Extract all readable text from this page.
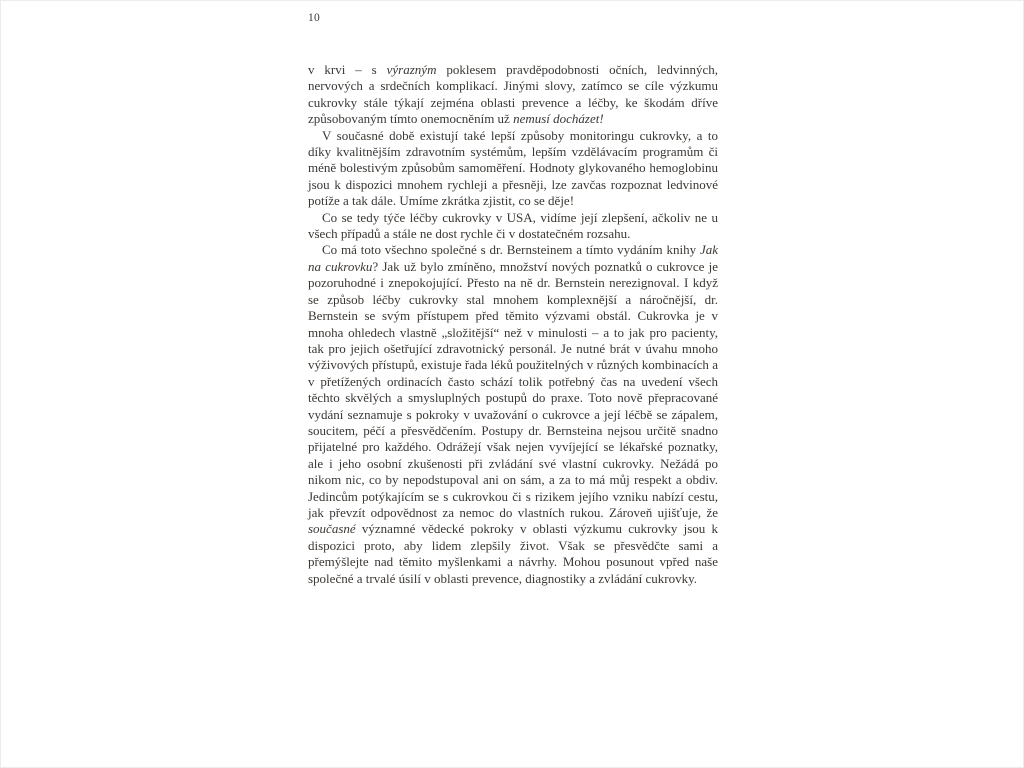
10

v krvi – s výrazným poklesem pravděpodobnosti očních, ledvinných, nervových a srdečních komplikací. Jinými slovy, zatímco se cíle výzkumu cukrovky stále týkají zejména oblasti prevence a léčby, ke škodám dříve způsobovaným tímto onemocněním už nemusí docházet!

V současné době existují také lepší způsoby monitoringu cukrovky, a to díky kvalitnějším zdravotním systémům, lepším vzdělávacím programům či méně bolestivým způsobům samoměření. Hodnoty glykovaného hemoglobinu jsou k dispozici mnohem rychleji a přesněji, lze zavčas rozpoznat ledvinové potíže a tak dále. Umíme zkrátka zjistit, co se děje!

Co se tedy týče léčby cukrovky v USA, vidíme její zlepšení, ačkoliv ne u všech případů a stále ne dost rychle či v dostatečném rozsahu.

Co má toto všechno společné s dr. Bernsteinem a tímto vydáním knihy Jak na cukrovku? Jak už bylo zmíněno, množství nových poznatků o cukrovce je pozoruhodné i znepokojující. Přesto na ně dr. Bernstein nerezignoval. I když se způsob léčby cukrovky stal mnohem komplexnější a náročnější, dr. Bernstein se svým přístupem před těmito výzvami obstál. Cukrovka je v mnoha ohledech vlastně „složitější“ než v minulosti – a to jak pro pacienty, tak pro jejich ošetřující zdravotnický personál. Je nutné brát v úvahu mnoho výživových přístupů, existuje řada léků použitelných v různých kombinacích a v přetížených ordinacích často schází tolik potřebný čas na uvedení všech těchto skvělých a smysluplných postupů do praxe. Toto nově přepracované vydání seznamuje s pokroky v uvažování o cukrovce a její léčbě se zápalem, soucitem, péčí a přesvědčením. Postupy dr. Bernsteina nejsou určitě snadno přijatelné pro každého. Odrážejí však nejen vyvíjející se lékařské poznatky, ale i jeho osobní zkušenosti při zvládání své vlastní cukrovky. Nežádá po nikom nic, co by nepodstupoval ani on sám, a za to má můj respekt a obdiv. Jedincům potýkajícím se s cukrovkou či s rizikem jejího vzniku nabízí cestu, jak převzít odpovědnost za nemoc do vlastních rukou. Zároveň ujišťuje, že současné významné vědecké pokroky v oblasti výzkumu cukrovky jsou k dispozici proto, aby lidem zlepšily život. Však se přesvědčte sami a přemýšlejte nad těmito myšlenkami a návrhy. Mohou posunout vpřed naše společné a trvalé úsilí v oblasti prevence, diagnostiky a zvládání cukrovky.
